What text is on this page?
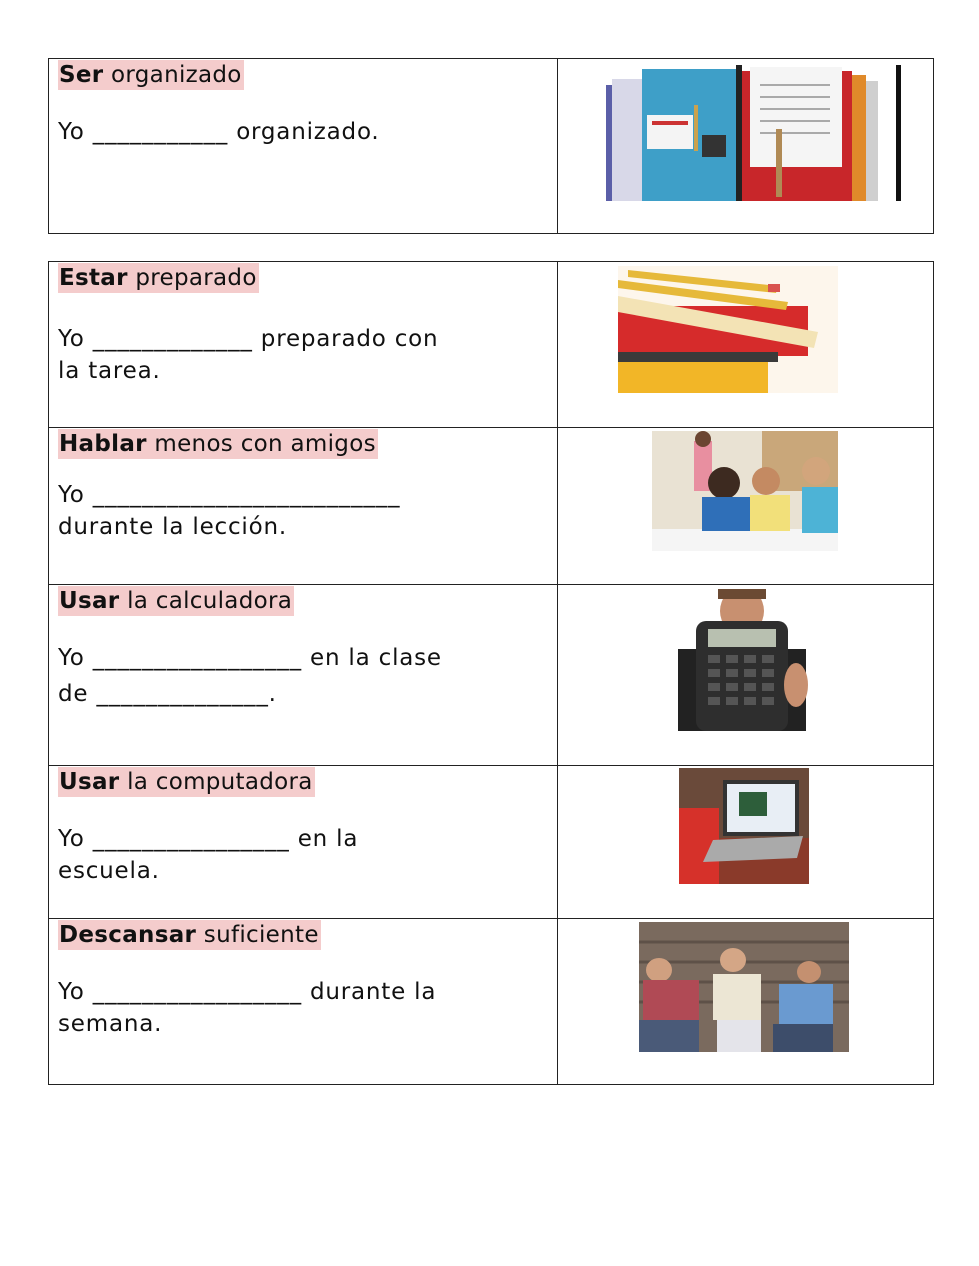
Ser organizado
Yo ___________ organizado.

Estar preparado
Yo _____________ preparado con
la tarea.

Hablar menos con amigos
Yo _________________________
durante la lección.

Usar la calculadora
Yo _________________ en la clase
de ______________.

Usar la computadora
Yo ________________ en la
escuela.

Descansar suficiente
Yo _________________ durante la
semana.
